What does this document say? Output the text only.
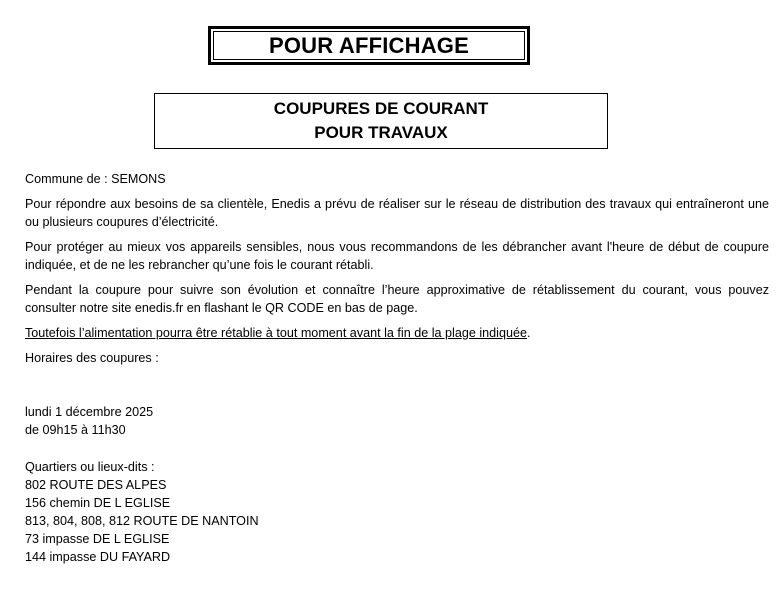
POUR AFFICHAGE
COUPURES DE COURANT
POUR TRAVAUX

Commune de : SEMONS

Pour répondre aux besoins de sa clientèle, Enedis a prévu de réaliser sur le réseau de distribution des travaux qui entraîneront une ou plusieurs coupures d’électricité.

Pour protéger au mieux vos appareils sensibles, nous vous recommandons de les débrancher avant l'heure de début de coupure indiquée, et de ne les rebrancher qu’une fois le courant rétabli.

Pendant la coupure pour suivre son évolution et connaître l’heure approximative de rétablissement du courant, vous pouvez consulter notre site enedis.fr en flashant le QR CODE en bas de page.

Toutefois l’alimentation pourra être rétablie à tout moment avant la fin de la plage indiquée.

Horaires des coupures :

lundi 1 décembre 2025
de 09h15 à 11h30
Quartiers ou lieux-dits :
802 ROUTE DES ALPES
156 chemin DE L EGLISE
813, 804, 808, 812 ROUTE DE NANTOIN
73 impasse DE L EGLISE
144 impasse DU FAYARD
